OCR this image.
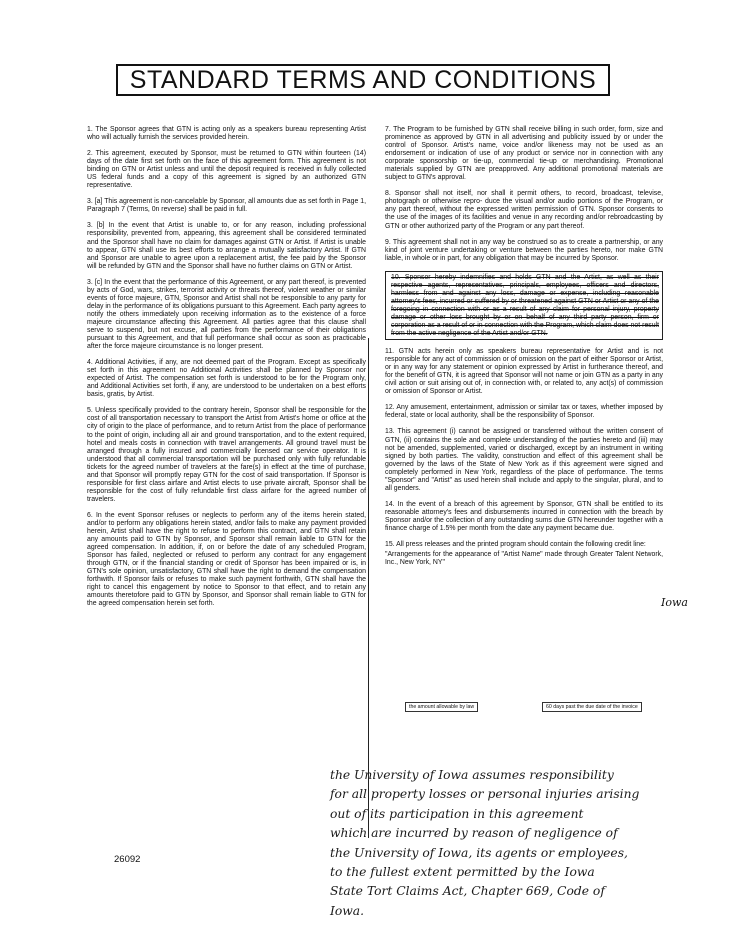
STANDARD TERMS AND CONDITIONS

1. The Sponsor agrees that GTN is acting only as a speakers bureau representing Artist who will actually furnish the services provided herein.

2. This agreement, executed by Sponsor, must be returned to GTN within fourteen (14) days of the date first set forth on the face of this agreement form. This agreement is not binding on GTN or Artist unless and until the deposit required is received in fully collected US federal funds and a copy of this agreement is signed by an authorized GTN representative.

3. [a] This agreement is non-cancelable by Sponsor, all amounts due as set forth in Page 1, Paragraph 7 (Terms, 0n reverse) shall be paid in full.

3. [b] In the event that Artist is unable to, or for any reason, including professional responsibility, prevented from, appearing, this agreement shall be considered terminated and the Sponsor shall have no claim for damages against GTN or Artist. If Artist is unable to appear, GTN shall use its best efforts to arrange a mutually satisfactory Artist. If GTN and Sponsor are unable to agree upon a replacement artist, the fee paid by the Sponsor will be refunded by GTN and the Sponsor shall have no further claims on GTN or Artist.

3. [c] In the event that the performance of this Agreement, or any part thereof, is prevented by acts of God, wars, strikes, terrorist activity or threats thereof, violent weather or similar events of force majeure, GTN, Sponsor and Artist shall not be responsible to any party for delay in the performance of its obligations pursuant to this Agreement. Each party agrees to notify the others immediately upon receiving information as to the existence of a force majeure circumstance affecting this Agreement. All parties agree that this clause shall serve to suspend, but not excuse, all parties from the performance of their obligations pursuant to this Agreement, and that full performance shall occur as soon as practicable after the force majeure circumstance is no longer present.

4. Additional Activities, if any, are not deemed part of the Program. Except as specifically set forth in this agreement no Additional Activities shall be planned by Sponsor nor expected of Artist. The compensation set forth is understood to be for the Program only, and Additional Activities set forth, if any, are understood to be undertaken on a best efforts basis, gratis, by Artist.

5. Unless specifically provided to the contrary herein, Sponsor shall be responsible for the cost of all transportation necessary to transport the Artist from Artist's home or office at the city of origin to the place of performance, and to return Artist from the place of performance to the point of origin, including all air and ground transportation, and to the extent required, hotel and meals costs in connection with travel arrangements. All ground travel must be arranged through a fully insured and commercially licensed car service operator. It is understood that all commercial transportation will be purchased only with fully refundable tickets for the agreed number of travelers at the fare(s) in effect at the time of purchase, and that Sponsor will promptly repay GTN for the cost of said transportation. If Sponsor is responsible for first class airfare and Artist elects to use private aircraft, Sponsor shall be responsible for the cost of fully refundable first class airfare for the agreed number of travelers.

6. In the event Sponsor refuses or neglects to perform any of the items herein stated, and/or to perform any obligations herein stated, and/or fails to make any payment provided herein, Artist shall have the right to refuse to perform this contract, and GTN shall retain any amounts paid to GTN by Sponsor, and Sponsor shall remain liable to GTN for the agreed compensation. In addition, if, on or before the date of any scheduled Program, Sponsor has failed, neglected or refused to perform any contract for any engagement through GTN, or if the financial standing or credit of Sponsor has been impaired or is, in GTN's sole opinion, unsatisfactory, GTN shall have the right to demand the compensation forthwith. If Sponsor fails or refuses to make such payment forthwith, GTN shall have the right to cancel this engagement by notice to Sponsor to that effect, and to retain any amounts theretofore paid to GTN by Sponsor, and Sponsor shall remain liable to GTN for the agreed compensation herein set forth.

7. The Program to be furnished by GTN shall receive billing in such order, form, size and prominence as approved by GTN in all advertising and publicity issued by or under the control of Sponsor. Artist's name, voice and/or likeness may not be used as an endorsement or indication of use of any product or service nor in connection with any corporate sponsorship or tie-up, commercial tie-up or merchandising. Promotional materials supplied by GTN are preapproved. Any additional promotional materials are subject to GTN's approval.

8. Sponsor shall not itself, nor shall it permit others, to record, broadcast, televise, photograph or otherwise repro- duce the visual and/or audio portions of the Program, or any part thereof, without the expressed written permission of GTN. Sponsor consents to the use of the images of its facilities and venue in any recording and/or rebroadcasting by GTN or other authorized party of the Program or any part thereof.

9. This agreement shall not in any way be construed so as to create a partnership, or any kind of joint venture undertaking or venture between the parties hereto, nor make GTN liable, in whole or in part, for any obligation that may be incurred by Sponsor.

10. Sponsor hereby indemnifies and holds GTN and the Artist, as well as their respective agents, representatives, principals, employees, officers and directors, harmless from and against any loss, damage or expense, including reasonable attorney's fees, incurred or suffered by or threatened against GTN or Artist or any of the foregoing in connection with or as a result of any claim for personal injury, property damage or other loss brought by or on behalf of any third party person, firm or corporation as a result of or in connection with the Program, which claim does not result from the active negligence of the Artist and/or GTN.

11. GTN acts herein only as speakers bureau representative for Artist and is not responsible for any act of commission or of omission on the part of either Sponsor or Artist, or in any way for any statement or opinion expressed by Artist in furtherance thereof, and for the benefit of GTN, it is agreed that Sponsor will not name or join GTN as a party in any civil action or suit arising out of, in connection with, or related to, any act(s) of commission or omission of Sponsor or Artist.

12. Any amusement, entertainment, admission or similar tax or taxes, whether imposed by federal, state or local authority, shall be the responsibility of Sponsor.

13. This agreement (i) cannot be assigned or transferred without the written consent of GTN, (ii) contains the sole and complete understanding of the parties hereto and (iii) may not be amended, supplemented, varied or discharged, except by an instrument in writing signed by both parties. The validity, construction and effect of this agreement shall be governed by the laws of the State of New York as if this agreement were signed and completely performed in New York, regardless of the place of performance. The terms "Sponsor" and "Artist" as used herein shall include and apply to the singular, plural, and to all genders.

14. In the event of a breach of this agreement by Sponsor, GTN shall be entitled to its reasonable attorney's fees and disbursements incurred in connection with the breach by Sponsor and/or the collection of any outstanding sums due GTN hereunder together with a finance charge of 1.5% per month from the date any payment became due.

15. All press releases and the printed program should contain the following credit line:

"Arrangements for the appearance of "Artist Name" made through Greater Talent Network, Inc., New York, NY"

Iowa
the amount allowable by law	60 days past the due date of the invoice
26092
the University of Iowa assumes responsibility
for all property losses or personal injuries arising
out of its participation in this agreement
which are incurred by reason of negligence of
the University of Iowa, its agents or employees,
to the fullest extent permitted by the Iowa
State Tort Claims Act, Chapter 669, Code of
Iowa.
